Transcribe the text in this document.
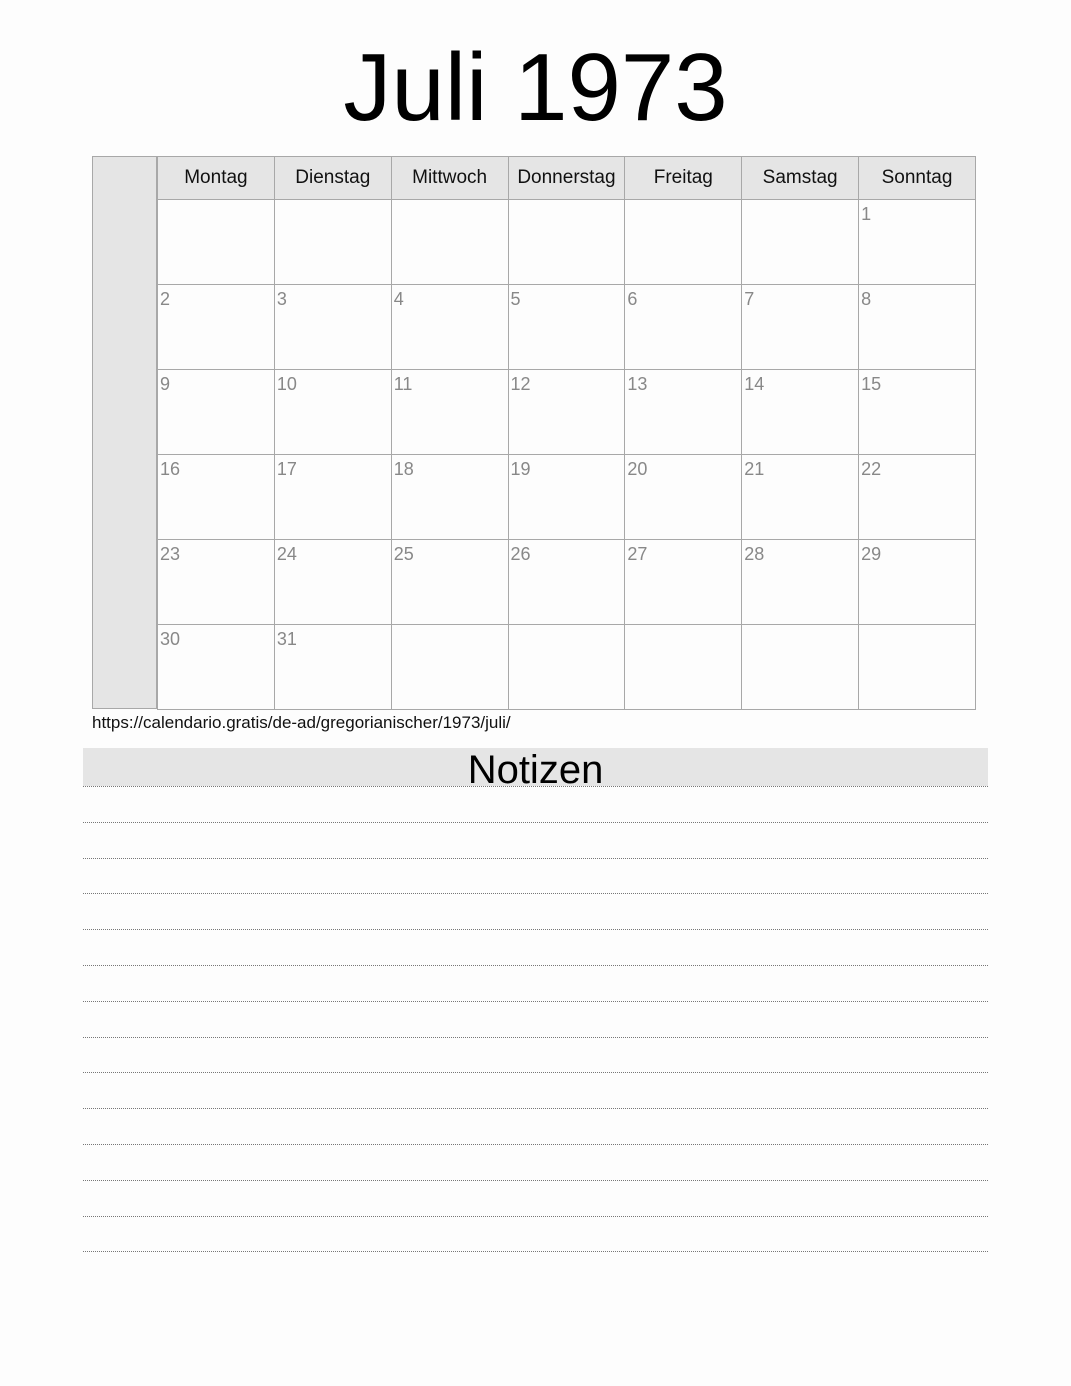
Juli 1973
Montag	Dienstag	Mittwoch	Donnerstag	Freitag	Samstag	Sonntag

						1

2	3	4	5	6	7	8

9	10	11	12	13	14	15

16	17	18	19	20	21	22

23	24	25	26	27	28	29

30	31					

https://calendario.gratis/de-ad/gregorianischer/1973/juli/
Notizen
